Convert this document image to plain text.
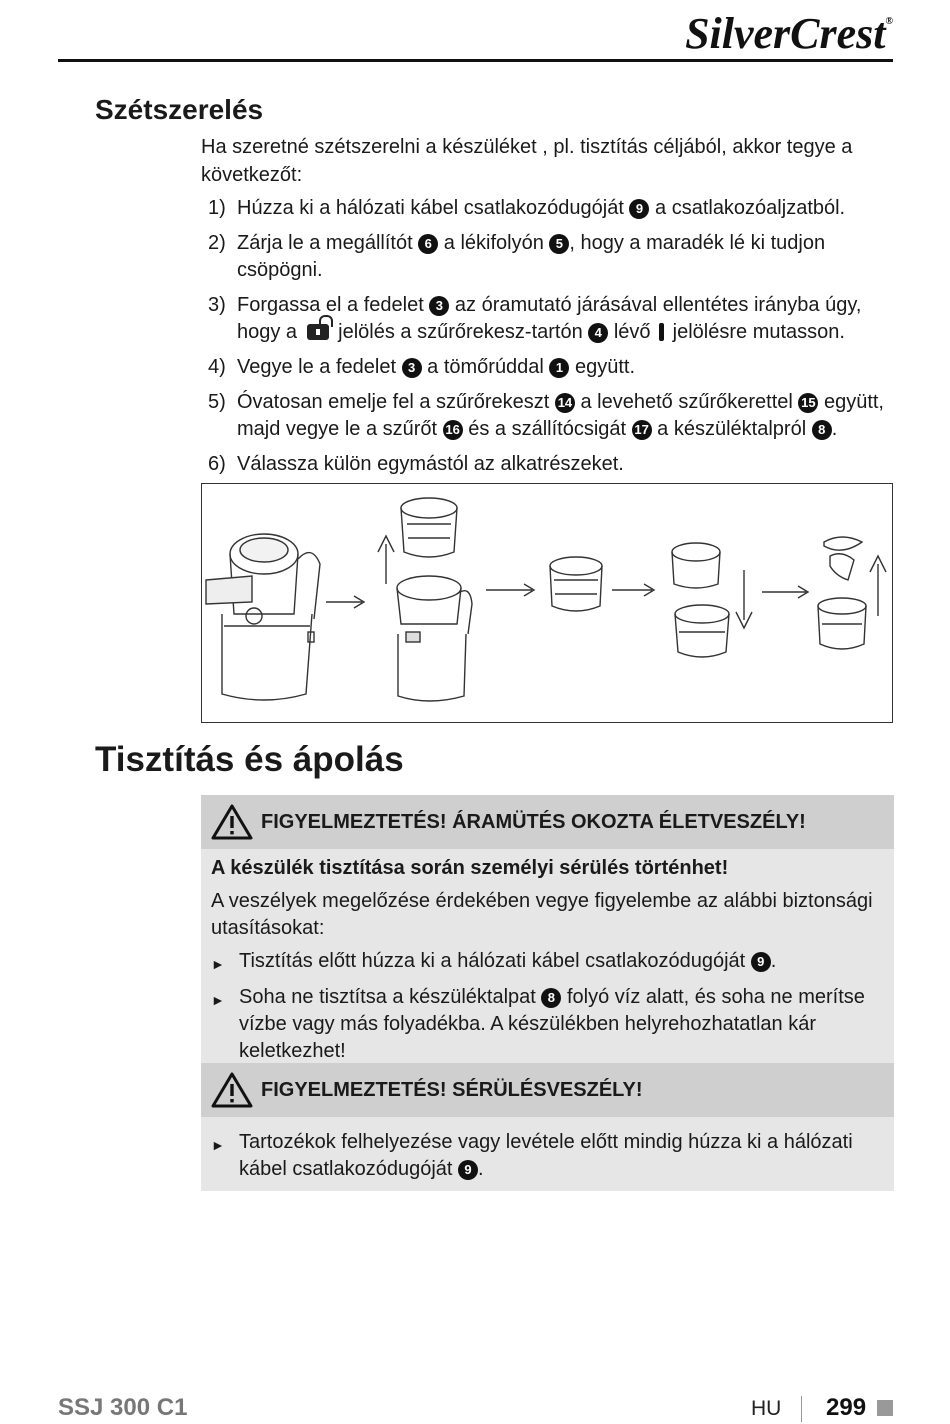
SilverCrest®
Szétszerelés
Ha szeretné szétszerelni a készüléket , pl. tisztítás céljából, akkor tegye a következőt:
1) Húzza ki a hálózati kábel csatlakozódugóját 9 a csatlakozóaljzatból.
2) Zárja le a megállítót 6 a lékifolyón 5 , hogy a maradék lé ki tudjon csöpögni.
3) Forgassa el a fedelet 3 az óramutató járásával ellentétes irányba úgy, hogy a  jelölés a szűrőrekesz-tartón 4 lévő  jelölésre mutasson.
4) Vegye le a fedelet 3 a tömőrúddal 1 együtt.
5) Óvatosan emelje fel a szűrőrekeszt 14 a levehető szűrőkerettel 15 együtt, majd vegye le a szűrőt 16 és a szállítócsigát 17 a készüléktalpról 8 .
6) Válassza külön egymástól az alkatrészeket.
Tisztítás és ápolás
FIGYELMEZTETÉS! ÁRAMÜTÉS OKOZTA ÉLETVESZÉLY!
A készülék tisztítása során személyi sérülés történhet!
A veszélyek megelőzése érdekében vegye figyelembe az alábbi biztonsági utasításokat:
► Tisztítás előtt húzza ki a hálózati kábel csatlakozódugóját 9 .
► Soha ne tisztítsa a készüléktalpat 8 folyó víz alatt, és soha ne merítse vízbe vagy más folyadékba. A készülékben helyrehozhatatlan kár keletkezhet!
FIGYELMEZTETÉS! SÉRÜLÉSVESZÉLY!
► Tartozékok felhelyezése vagy levétele előtt mindig húzza ki a hálózati kábel csatlakozódugóját 9 .
SSJ 300 C1	HU 299
